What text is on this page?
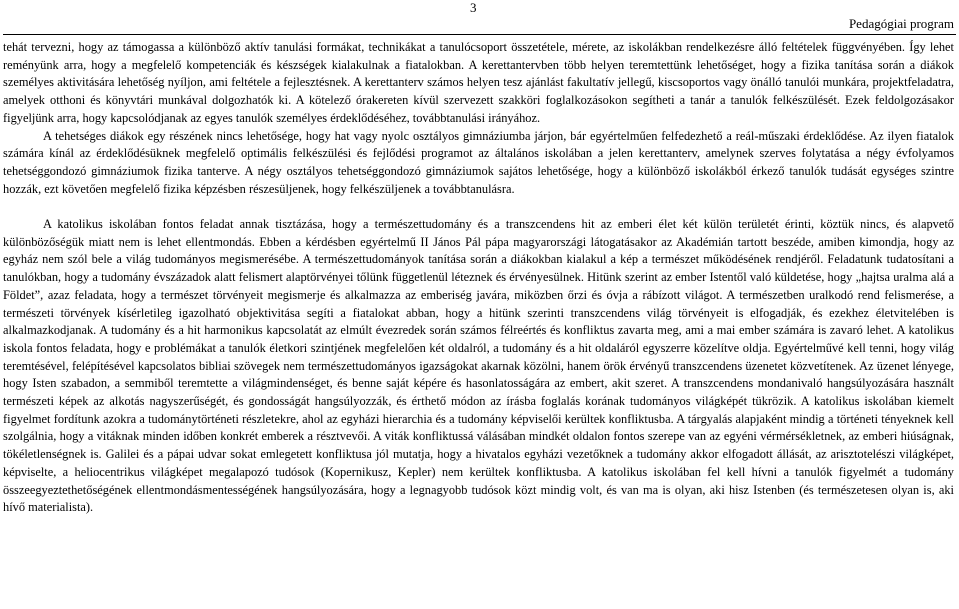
3
Pedagógiai program

tehát tervezni, hogy az támogassa a különböző aktív tanulási formákat, technikákat a tanulócsoport összetétele, mérete, az iskolákban rendelkezésre álló feltételek függvényében. Így lehet reményünk arra, hogy a megfelelő kompetenciák és készségek kialakulnak a fiatalokban. A kerettantervben több helyen teremtettünk lehetőséget, hogy a fizika tanítása során a diákok személyes aktivitására lehetőség nyíljon, ami feltétele a fejlesztésnek. A kerettanterv számos helyen tesz ajánlást fakultatív jellegű, kiscsoportos vagy önálló tanulói munkára, projektfeladatra, amelyek otthoni és könyvtári munkával dolgozhatók ki. A kötelező órakereten kívül szervezett szakköri foglalkozásokon segítheti a tanár a tanulók felkészülését. Ezek feldolgozásakor figyeljünk arra, hogy kapcsolódjanak az egyes tanulók személyes érdeklődéséhez, továbbtanulási irányához.

A tehetséges diákok egy részének nincs lehetősége, hogy hat vagy nyolc osztályos gimnáziumba járjon, bár egyértelműen felfedezhető a reál-műszaki érdeklődése. Az ilyen fiatalok számára kínál az érdeklődésüknek megfelelő optimális felkészülési és fejlődési programot az általános iskolában a jelen kerettanterv, amelynek szerves folytatása a négy évfolyamos tehetséggondozó gimnáziumok fizika tanterve. A négy osztályos tehetséggondozó gimnáziumok sajátos lehetősége, hogy a különböző iskolákból érkező tanulók tudását egységes szintre hozzák, ezt követően megfelelő fizika képzésben részesüljenek, hogy felkészüljenek a továbbtanulásra.

A katolikus iskolában fontos feladat annak tisztázása, hogy a természettudomány és a transzcendens hit az emberi élet két külön területét érinti, köztük nincs, és alapvető különbözőségük miatt nem is lehet ellentmondás. Ebben a kérdésben egyértelmű II János Pál pápa magyarországi látogatásakor az Akadémián tartott beszéde, amiben kimondja, hogy az egyház nem szól bele a világ tudományos megismerésébe. A természettudományok tanítása során a diákokban kialakul a kép a természet működésének rendjéről. Feladatunk tudatosítani a tanulókban, hogy a tudomány évszázadok alatt felismert alaptörvényei tőlünk függetlenül léteznek és érvényesülnek. Hitünk szerint az ember Istentől való küldetése, hogy „hajtsa uralma alá a Földet”, azaz feladata, hogy a természet törvényeit megismerje és alkalmazza az emberiség javára, miközben őrzi és óvja a rábízott világot. A természetben uralkodó rend felismerése, a természeti törvények kísérletileg igazolható objektivitása segíti a fiatalokat abban, hogy a hitünk szerinti transzcendens világ törvényeit is elfogadják, és ezekhez életvitelében is alkalmazkodjanak. A tudomány és a hit harmonikus kapcsolatát az elmúlt évezredek során számos félreértés és konfliktus zavarta meg, ami a mai ember számára is zavaró lehet. A katolikus iskola fontos feladata, hogy e problémákat a tanulók életkori szintjének megfelelően két oldalról, a tudomány és a hit oldaláról egyszerre közelítve oldja. Egyértelművé kell tenni, hogy világ teremtésével, felépítésével kapcsolatos bibliai szövegek nem természettudományos igazságokat akarnak közölni, hanem örök érvényű transzcendens üzenetet közvetítenek. Az üzenet lényege, hogy Isten szabadon, a semmiből teremtette a világmindenséget, és benne saját képére és hasonlatosságára az embert, akit szeret. A transzcendens mondanivaló hangsúlyozására használt természeti képek az alkotás nagyszerűségét, és gondosságát hangsúlyozzák, és érthető módon az írásba foglalás korának tudományos világképét tükrözik. A katolikus iskolában kiemelt figyelmet fordítunk azokra a tudománytörténeti részletekre, ahol az egyházi hierarchia és a tudomány képviselői kerültek konfliktusba. A tárgyalás alapjaként mindig a történeti tényeknek kell szolgálnia, hogy a vitáknak minden időben konkrét emberek a résztvevői. A viták konfliktussá válásában mindkét oldalon fontos szerepe van az egyéni vérmérsékletnek, az emberi hiúságnak, tökéletlenségnek is. Galilei és a pápai udvar sokat emlegetett konfliktusa jól mutatja, hogy a hivatalos egyházi vezetőknek a tudomány akkor elfogadott állását, az arisztotelészi világképet, képviselte, a heliocentrikus világképet megalapozó tudósok (Kopernikusz, Kepler) nem kerültek konfliktusba. A katolikus iskolában fel kell hívni a tanulók figyelmét a tudomány összeegyeztethetőségének ellentmondásmentességének hangsúlyozására, hogy a legnagyobb tudósok közt mindig volt, és van ma is olyan, aki hisz Istenben (és természetesen olyan is, aki hívő materialista).
